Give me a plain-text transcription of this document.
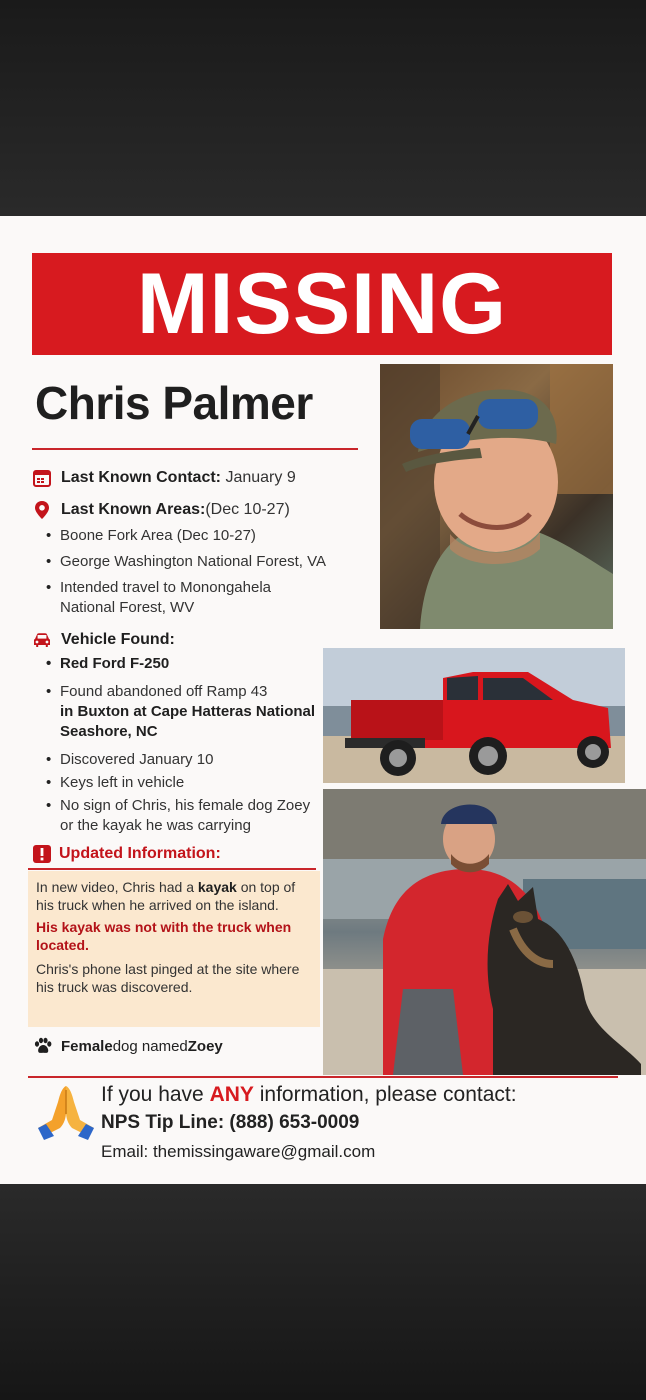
MISSING
Chris Palmer
Last Known Contact:
January 9
Last Known Areas: (Dec 10-27)
• Boone Fork Area (Dec 10-27)
• George Washington National Forest, VA
• Intended travel to Monongahela National Forest, WV
Vehicle Found:
• Red Ford F-250
• Found abandoned off Ramp 43
in Buxton at Cape Hatteras National Seashore, NC
• Discovered January 10
• Keys left in vehicle
• No sign of Chris, his female dog Zoey or the kayak he was carrying
Updated Information:

In new video, Chris had a kayak on top of his truck when he arrived on the island.

His kayak was not with the truck when located.

Chris's phone last pinged at the site where his truck was discovered.

Female dog named Zoey
If you have ANY information, please contact:
NPS Tip Line: (888) 653-0009
Email: themissingaware@gmail.com
